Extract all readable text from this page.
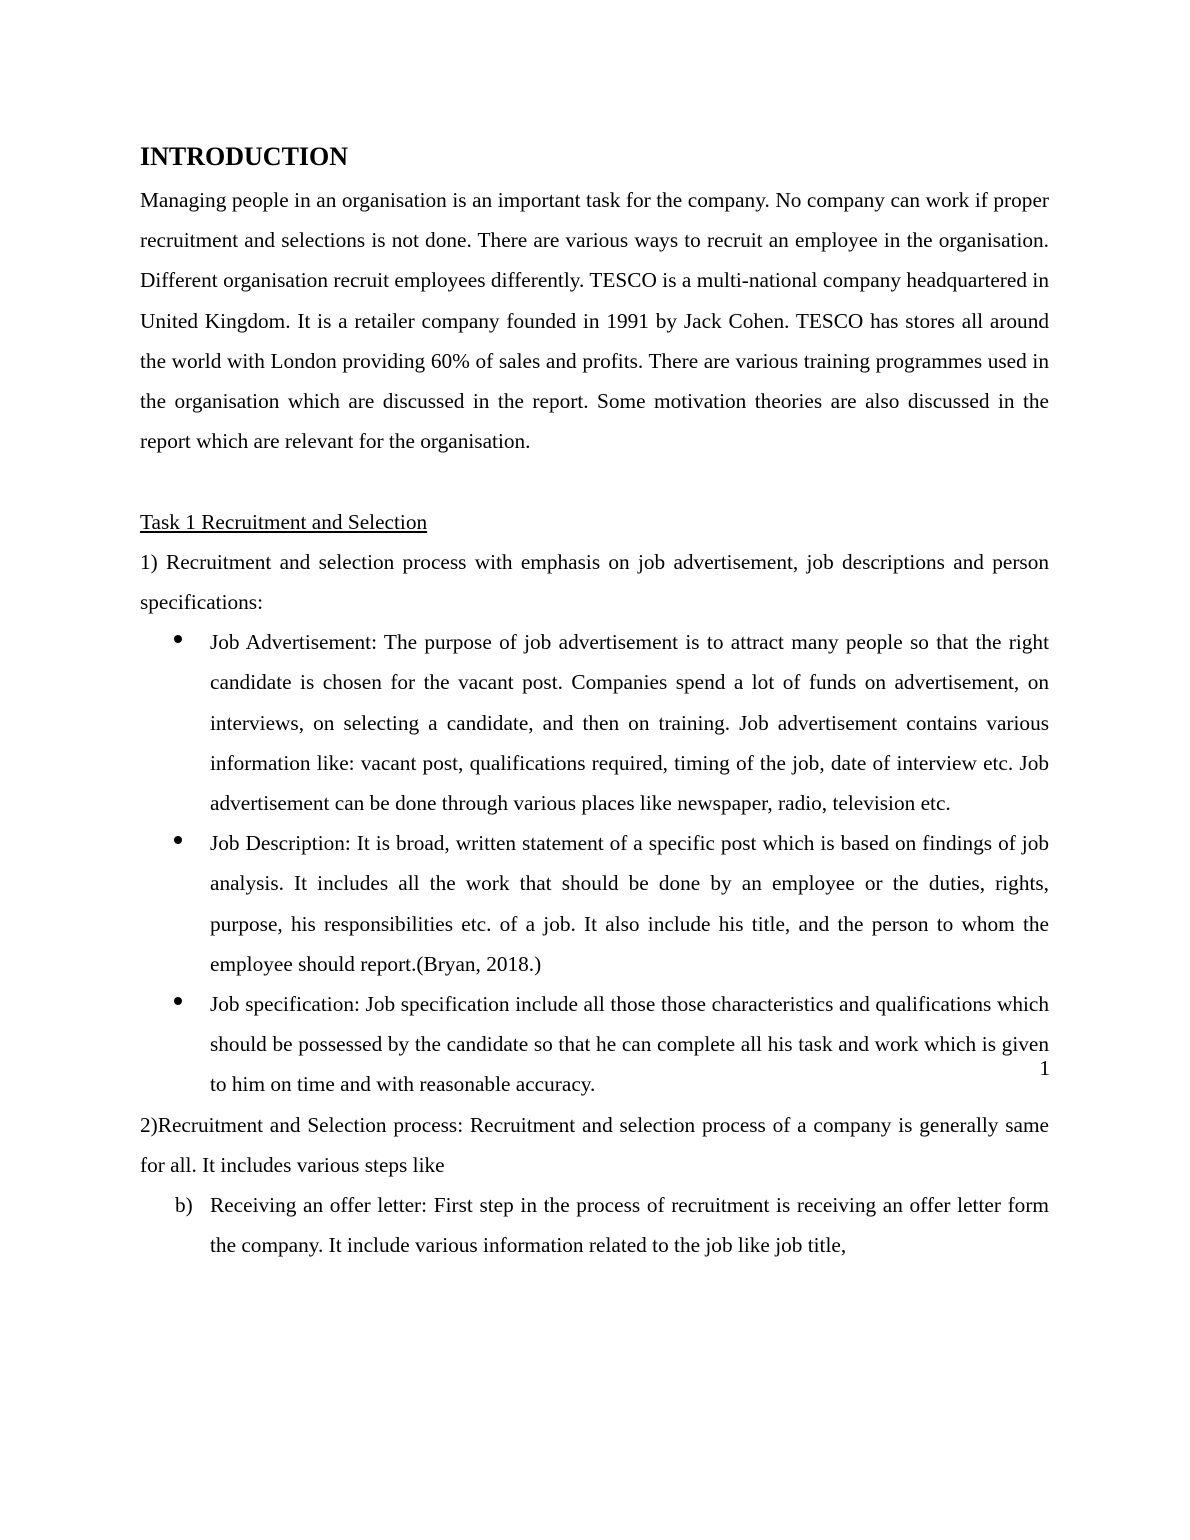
INTRODUCTION

Managing people in an organisation is an important task for the company. No company can work if proper recruitment and selections is not done. There are various ways to recruit an employee in the organisation. Different organisation recruit employees differently. TESCO is a multi-national company headquartered in United Kingdom. It is a retailer company founded in 1991 by Jack Cohen. TESCO has stores all around the world with London providing 60% of sales and profits. There are various training programmes used in the organisation which are discussed in the report. Some motivation theories are also discussed in the report which are relevant for the organisation.

Task 1 Recruitment and Selection

1) Recruitment and selection process with emphasis on job advertisement, job descriptions and person specifications:

Job Advertisement: The purpose of job advertisement is to attract many people so that the right candidate is chosen for the vacant post. Companies spend a lot of funds on advertisement, on interviews, on selecting a candidate, and then on training. Job advertisement contains various information like: vacant post, qualifications required, timing of the job, date of interview etc. Job advertisement can be done through various places like newspaper, radio, television etc.
Job Description: It is broad, written statement of a specific post which is based on findings of job analysis. It includes all the work that should be done by an employee or the duties, rights, purpose, his responsibilities etc. of a job. It also include his title, and the person to whom the employee should report.(Bryan, 2018.)
Job specification: Job specification include all those those characteristics and qualifications which should be possessed by the candidate so that he can complete all his task and work which is given to him on time and with reasonable accuracy.

2)Recruitment and Selection process: Recruitment and selection process of a company is generally same for all. It includes various steps like

b) Receiving an offer letter: First step in the process of recruitment is receiving an offer letter form the company. It include various information related to the job like job title,
1
